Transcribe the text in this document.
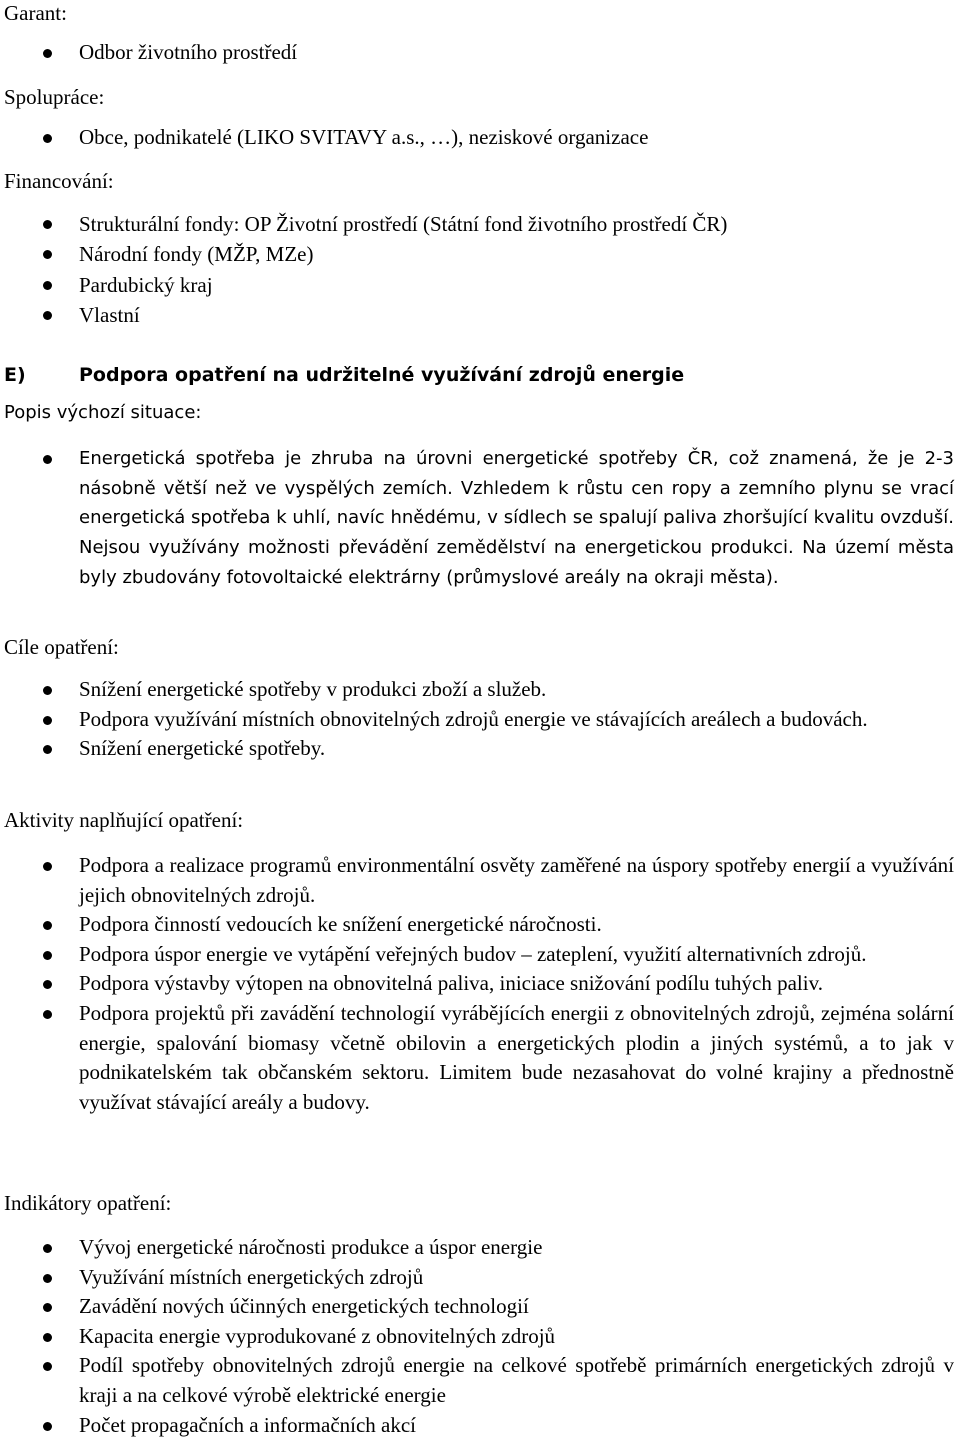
Garant:
Odbor životního prostředí
Spolupráce:
Obce, podnikatelé (LIKO SVITAVY a.s., …), neziskové organizace
Financování:
Strukturální fondy: OP Životní prostředí (Státní fond životního prostředí ČR)
Národní fondy (MŽP, MZe)
Pardubický kraj
Vlastní
E)	Podpora opatření na udržitelné využívání zdrojů energie
Popis výchozí situace:
Energetická spotřeba je zhruba na úrovni energetické spotřeby ČR, což znamená, že je 2-3 násobně větší než ve vyspělých zemích. Vzhledem k růstu cen ropy a zemního plynu se vrací energetická spotřeba k uhlí, navíc hnědému, v sídlech se spalují paliva zhoršující kvalitu ovzduší. Nejsou využívány možnosti převádění zemědělství na energetickou produkci. Na území města byly zbudovány fotovoltaické elektrárny (průmyslové areály na okraji města).
Cíle opatření:
Snížení energetické spotřeby v produkci zboží a služeb.
Podpora využívání místních obnovitelných zdrojů energie ve stávajících areálech a budovách.
Snížení energetické spotřeby.
Aktivity naplňující opatření:
Podpora a realizace programů environmentální osvěty zaměřené na úspory spotřeby energií a využívání jejich obnovitelných zdrojů.
Podpora činností vedoucích ke snížení energetické náročnosti.
Podpora úspor energie ve vytápění veřejných budov – zateplení, využití alternativních zdrojů.
Podpora výstavby výtopen na obnovitelná paliva, iniciace snižování podílu tuhých paliv.
Podpora projektů při zavádění technologií vyrábějících energii z obnovitelných zdrojů, zejména solární energie, spalování biomasy včetně obilovin a energetických plodin a jiných systémů, a to jak v podnikatelském tak občanském sektoru. Limitem bude nezasahovat do volné krajiny a přednostně využívat stávající areály a budovy.
Indikátory opatření:
Vývoj energetické náročnosti produkce a úspor energie
Využívání místních energetických zdrojů
Zavádění nových účinných energetických technologií
Kapacita energie vyprodukované z obnovitelných zdrojů
Podíl spotřeby obnovitelných zdrojů energie na celkové spotřebě primárních energetických zdrojů v kraji a na celkové výrobě elektrické energie
Počet propagačních a informačních akcí
